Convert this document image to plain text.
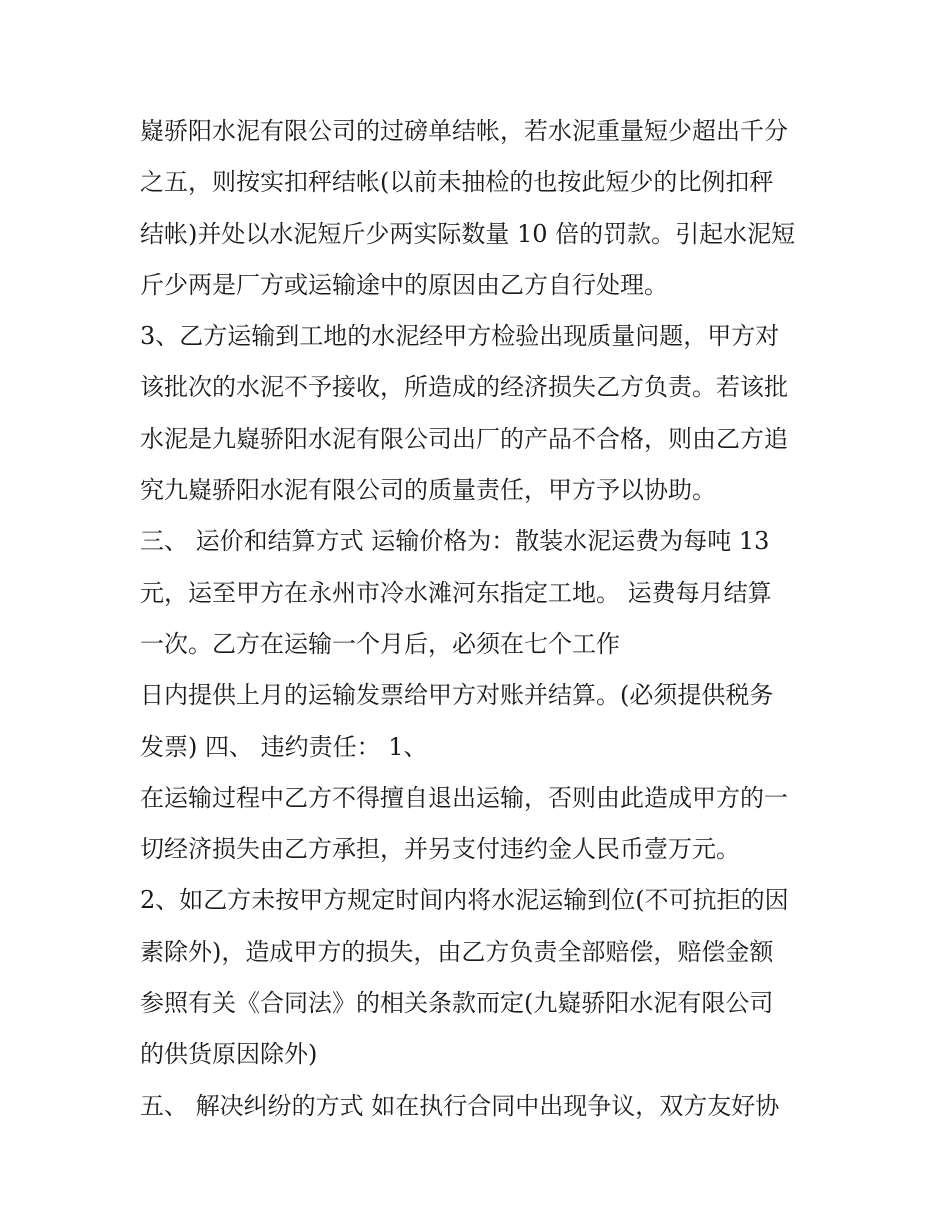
嶷骄阳水泥有限公司的过磅单结帐，若水泥重量短少超出千分

之五，则按实扣秤结帐(以前未抽检的也按此短少的比例扣秤

结帐)并处以水泥短斤少两实际数量 10 倍的罚款。引起水泥短

斤少两是厂方或运输途中的原因由乙方自行处理。

3、乙方运输到工地的水泥经甲方检验出现质量问题，甲方对

该批次的水泥不予接收，所造成的经济损失乙方负责。若该批

水泥是九嶷骄阳水泥有限公司出厂的产品不合格，则由乙方追

究九嶷骄阳水泥有限公司的质量责任，甲方予以协助。

三、 运价和结算方式 运输价格为：散装水泥运费为每吨 13

元，运至甲方在永州市冷水滩河东指定工地。 运费每月结算

一次。乙方在运输一个月后，必须在七个工作

日内提供上月的运输发票给甲方对账并结算。(必须提供税务

发票) 四、 违约责任： 1、

在运输过程中乙方不得擅自退出运输，否则由此造成甲方的一

切经济损失由乙方承担，并另支付违约金人民币壹万元。

2、如乙方未按甲方规定时间内将水泥运输到位(不可抗拒的因

素除外)，造成甲方的损失，由乙方负责全部赔偿，赔偿金额

参照有关《合同法》的相关条款而定(九嶷骄阳水泥有限公司

的供货原因除外)

五、 解决纠纷的方式 如在执行合同中出现争议，双方友好协
